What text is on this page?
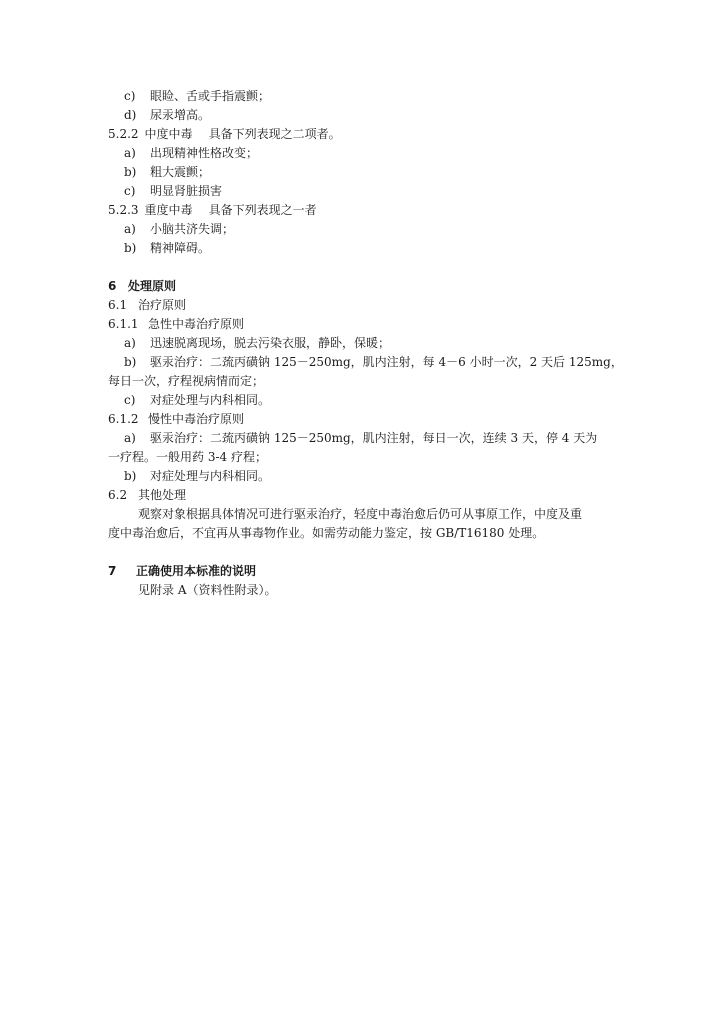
c) 眼睑、舌或手指震颤；
d) 尿汞增高。
5.2.2 中度中毒 具备下列表现之二项者。
a) 出现精神性格改变；
b) 粗大震颤；
c) 明显肾脏损害
5.2.3 重度中毒 具备下列表现之一者
a) 小脑共济失调；
b) 精神障碍。
6 处理原则
6.1 治疗原则
6.1.1 急性中毒治疗原则
a) 迅速脱离现场，脱去污染衣服，静卧，保暖；
b) 驱汞治疗：二巯丙磺钠 125－250mg，肌内注射，每 4－6 小时一次，2 天后 125mg，
每日一次，疗程视病情而定；
c) 对症处理与内科相同。
6.1.2 慢性中毒治疗原则
a) 驱汞治疗：二巯丙磺钠 125－250mg，肌内注射，每日一次，连续 3 天，停 4 天为
一疗程。一般用药 3-4 疗程；
b) 对症处理与内科相同。
6.2 其他处理
观察对象根据具体情况可进行驱汞治疗，轻度中毒治愈后仍可从事原工作，中度及重
度中毒治愈后，不宜再从事毒物作业。如需劳动能力鉴定，按 GB/T16180 处理。
7 正确使用本标准的说明
见附录 A（资料性附录）。
